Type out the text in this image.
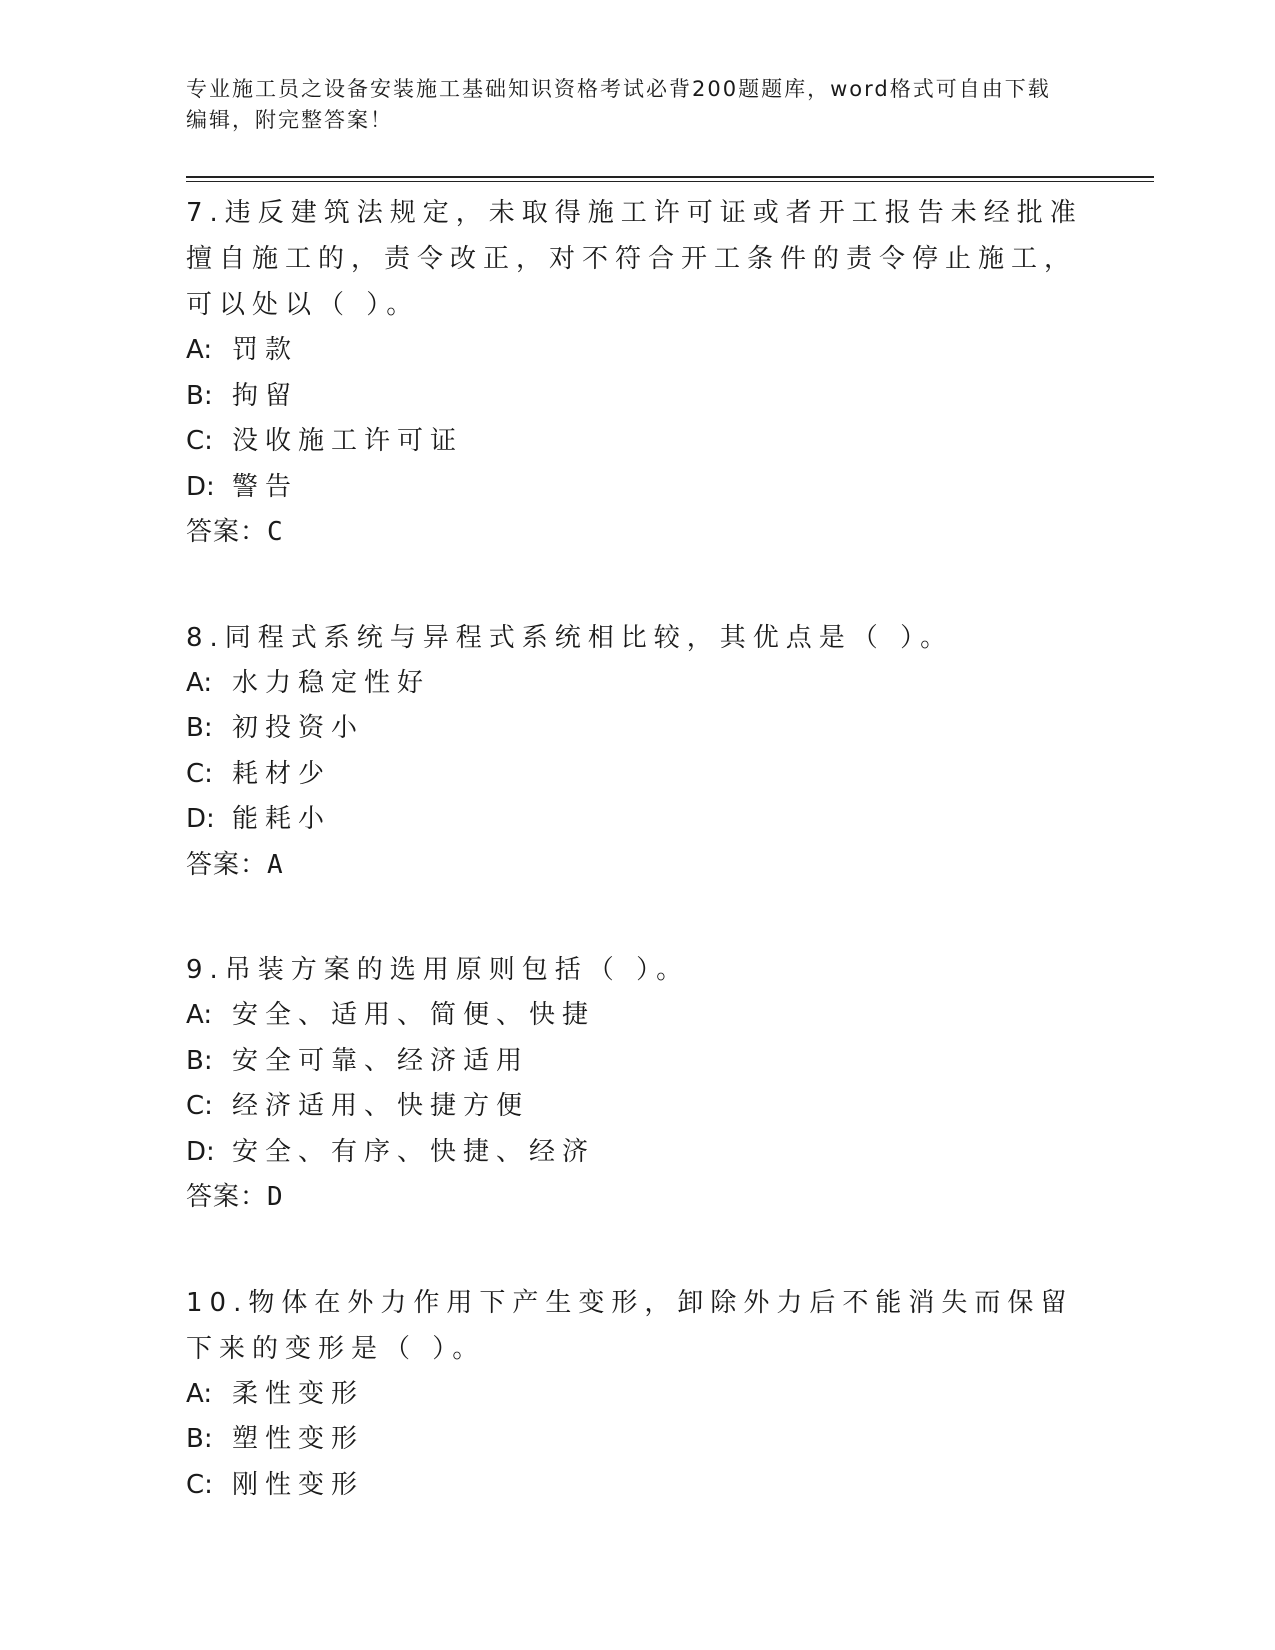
专业施工员之设备安装施工基础知识资格考试必背200题题库，word格式可自由下载编辑，附完整答案！

7.违反建筑法规定，未取得施工许可证或者开工报告未经批准擅自施工的，责令改正，对不符合开工条件的责令停止施工，可以处以（ ）。

A: 罚款

B: 拘留

C: 没收施工许可证

D: 警告

答案：C

8.同程式系统与异程式系统相比较，其优点是（ ）。

A: 水力稳定性好

B: 初投资小

C: 耗材少

D: 能耗小

答案：A

9.吊装方案的选用原则包括（ ）。

A: 安全、适用、简便、快捷

B: 安全可靠、经济适用

C: 经济适用、快捷方便

D: 安全、有序、快捷、经济

答案：D

10.物体在外力作用下产生变形，卸除外力后不能消失而保留下来的变形是（ ）。

A: 柔性变形

B: 塑性变形

C: 刚性变形
